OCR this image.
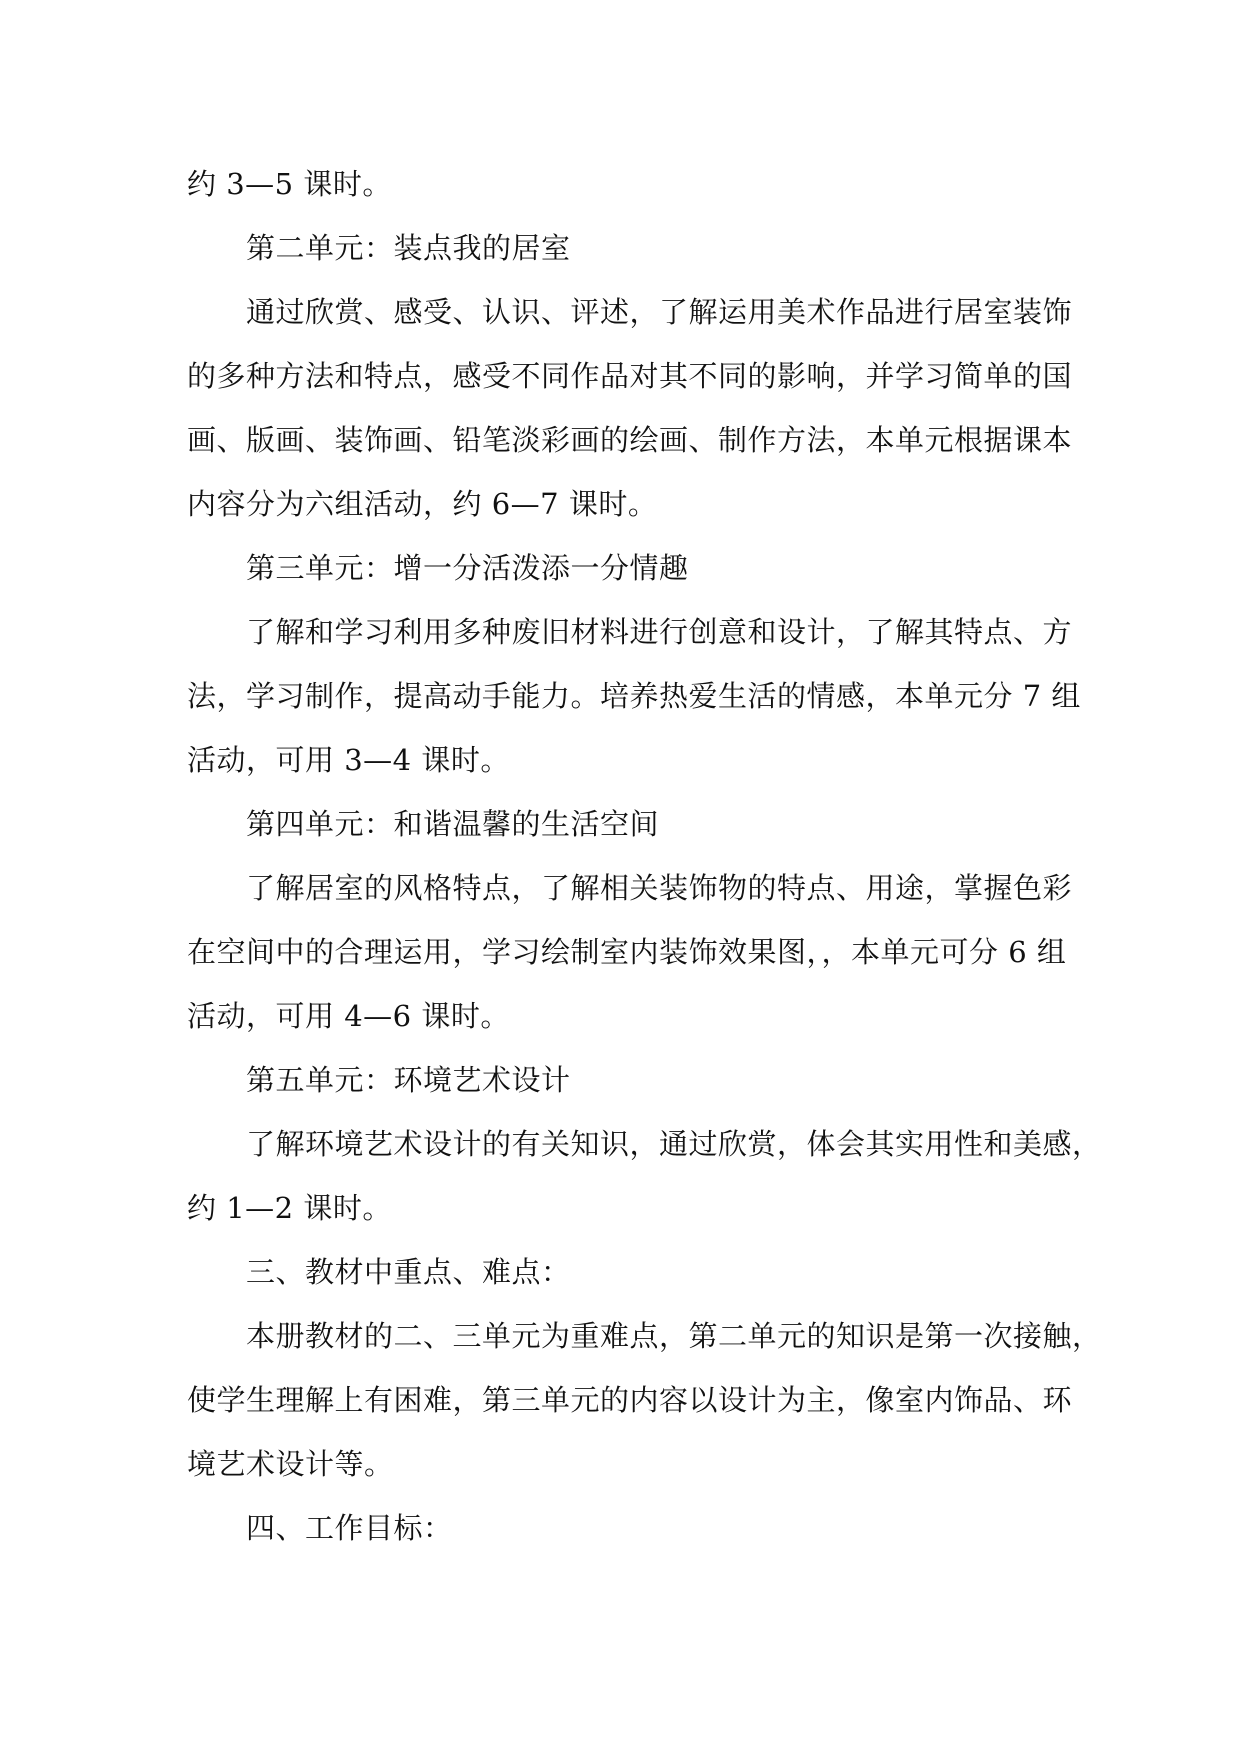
约 3—5 课时。
第二单元：装点我的居室
通过欣赏、感受、认识、评述，了解运用美术作品进行居室装饰
的多种方法和特点，感受不同作品对其不同的影响，并学习简单的国
画、版画、装饰画、铅笔淡彩画的绘画、制作方法，本单元根据课本
内容分为六组活动，约 6—7 课时。
第三单元：增一分活泼添一分情趣
了解和学习利用多种废旧材料进行创意和设计，了解其特点、方
法，学习制作，提高动手能力。培养热爱生活的情感，本单元分 7 组
活动，可用 3—4 课时。
第四单元：和谐温馨的生活空间
了解居室的风格特点，了解相关装饰物的特点、用途，掌握色彩
在空间中的合理运用，学习绘制室内装饰效果图，，本单元可分 6 组
活动，可用 4—6 课时。
第五单元：环境艺术设计
了解环境艺术设计的有关知识，通过欣赏，体会其实用性和美感，
约 1—2 课时。
三、教材中重点、难点：
本册教材的二、三单元为重难点，第二单元的知识是第一次接触，
使学生理解上有困难，第三单元的内容以设计为主，像室内饰品、环
境艺术设计等。
四、工作目标：
